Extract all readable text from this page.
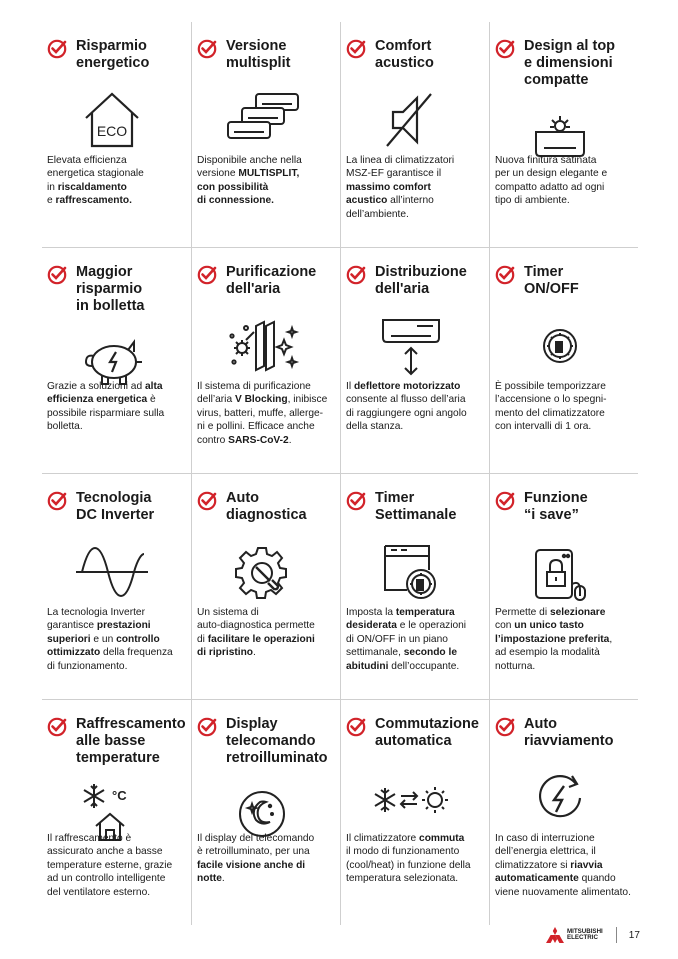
Risparmio
energetico
ECO
Elevata efficienza
energetica stagionale
in riscaldamento
e raffrescamento.
Versione
multisplit
Disponibile anche nella
versione MULTISPLIT,
con possibilità
di connessione.
Comfort
acustico
La linea di climatizzatori
MSZ-EF garantisce il
massimo comfort
acustico all’interno
dell’ambiente.
Design al top
e dimensioni
compatte
Nuova finitura satinata
per un design elegante e
compatto adatto ad ogni
tipo di ambiente.
Maggior
risparmio
in bolletta
Grazie a soluzioni ad alta
efficienza energetica è
possibile risparmiare sulla
bolletta.
Purificazione
dell'aria
Il sistema di purificazione
dell’aria V Blocking, inibisce
virus, batteri, muffe, allerge-
ni e pollini. Efficace anche
contro SARS-CoV-2.
Distribuzione
dell'aria
Il deflettore motorizzato
consente al flusso dell’aria
di raggiungere ogni angolo
della stanza.
Timer
ON/OFF
È possibile temporizzare
l’accensione o lo spegni-
mento del climatizzatore
con intervalli di 1 ora.
Tecnologia
DC Inverter
La tecnologia Inverter
garantisce prestazioni
superiori e un controllo
ottimizzato della frequenza
di funzionamento.
Auto
diagnostica
Un sistema di
auto-diagnostica permette
di facilitare le operazioni
di ripristino.
Timer
Settimanale
Imposta la temperatura
desiderata e le operazioni
di ON/OFF in un piano
settimanale, secondo le
abitudini dell’occupante.
Funzione
“i save”
Permette di selezionare
con un unico tasto
l’impostazione preferita,
ad esempio la modalità
notturna.
Raffrescamento
alle basse
temperature
°C
Il raffrescamento è
assicurato anche a basse
temperature esterne, grazie
ad un controllo intelligente
del ventilatore esterno.
Display
telecomando
retroilluminato
Il display del telecomando
è retroilluminato, per una
facile visione anche di
notte.
Commutazione
automatica
Il climatizzatore commuta
il modo di funzionamento
(cool/heat) in funzione della
temperatura selezionata.
Auto
riavviamento
In caso di interruzione
dell’energia elettrica, il
climatizzatore si riavvia
automaticamente quando
viene nuovamente alimentato.
MITSUBISHI
ELECTRIC	17
